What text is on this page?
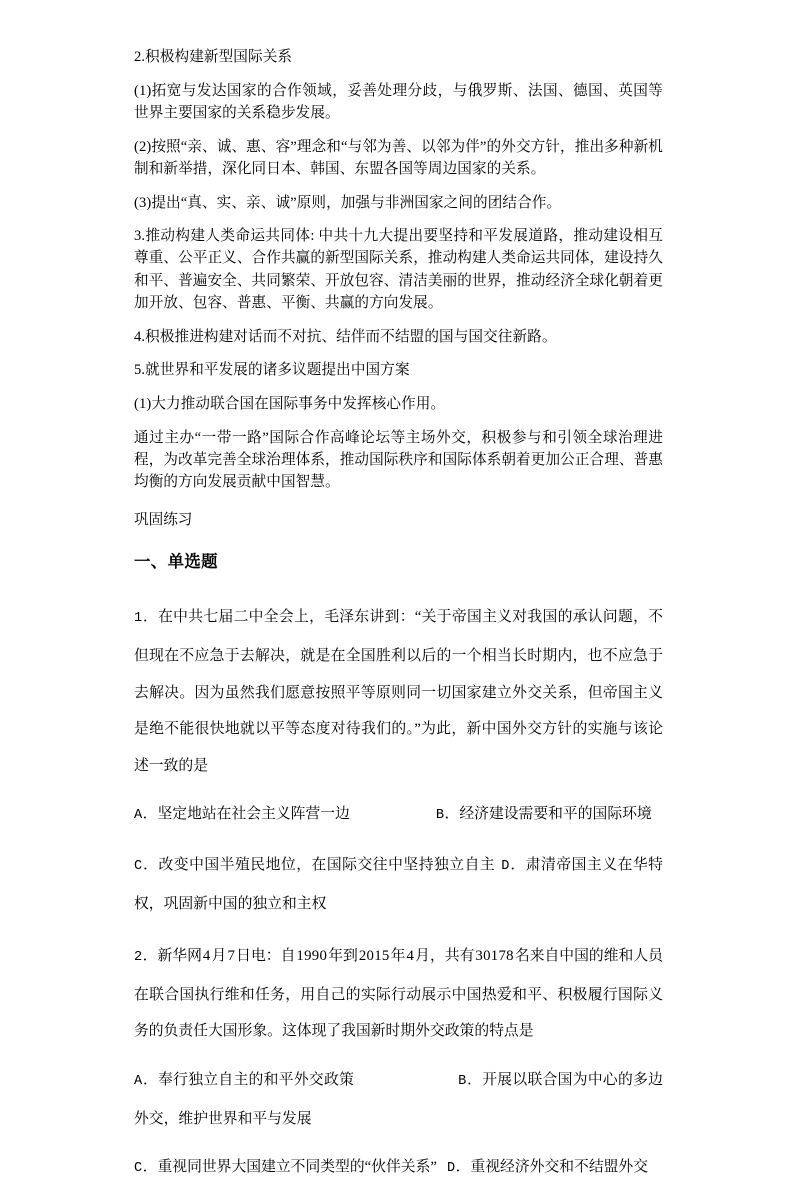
2.积极构建新型国际关系

(1)拓宽与发达国家的合作领域，妥善处理分歧，与俄罗斯、法国、德国、英国等世界主要国家的关系稳步发展。

(2)按照“亲、诚、惠、容”理念和“与邻为善、以邻为伴”的外交方针，推出多种新机制和新举措，深化同日本、韩国、东盟各国等周边国家的关系。

(3)提出“真、实、亲、诚”原则，加强与非洲国家之间的团结合作。

3.推动构建人类命运共同体: 中共十九大提出要坚持和平发展道路，推动建设相互尊重、公平正义、合作共赢的新型国际关系，推动构建人类命运共同体，建设持久和平、普遍安全、共同繁荣、开放包容、清洁美丽的世界，推动经济全球化朝着更加开放、包容、普惠、平衡、共赢的方向发展。

4.积极推进构建对话而不对抗、结伴而不结盟的国与国交往新路。

5.就世界和平发展的诸多议题提出中国方案

(1)大力推动联合国在国际事务中发挥核心作用。

通过主办“一带一路”国际合作高峰论坛等主场外交，积极参与和引领全球治理进程，为改革完善全球治理体系，推动国际秩序和国际体系朝着更加公正合理、普惠均衡的方向发展贡献中国智慧。

巩固练习
一、单选题

1．在中共七届二中全会上，毛泽东讲到：“关于帝国主义对我国的承认问题，不但现在不应急于去解决，就是在全国胜利以后的一个相当长时期内，也不应急于去解决。因为虽然我们愿意按照平等原则同一切国家建立外交关系，但帝国主义是绝不能很快地就以平等态度对待我们的。”为此，新中国外交方针的实施与该论述一致的是

A．坚定地站在社会主义阵营一边	B．经济建设需要和平的国际环境

C．改变中国半殖民地位，在国际交往中坚持独立自主 D．肃清帝国主义在华特权，巩固新中国的独立和主权

2．新华网4月7日电：自1990年到2015年4月，共有30178名来自中国的维和人员在联合国执行维和任务，用自己的实际行动展示中国热爱和平、积极履行国际义务的负责任大国形象。这体现了我国新时期外交政策的特点是

A．奉行独立自主的和平外交政策	B．开展以联合国为中心的多边外交，维护世界和平与发展

C．重视同世界大国建立不同类型的“伙伴关系” D．重视经济外交和不结盟外交
